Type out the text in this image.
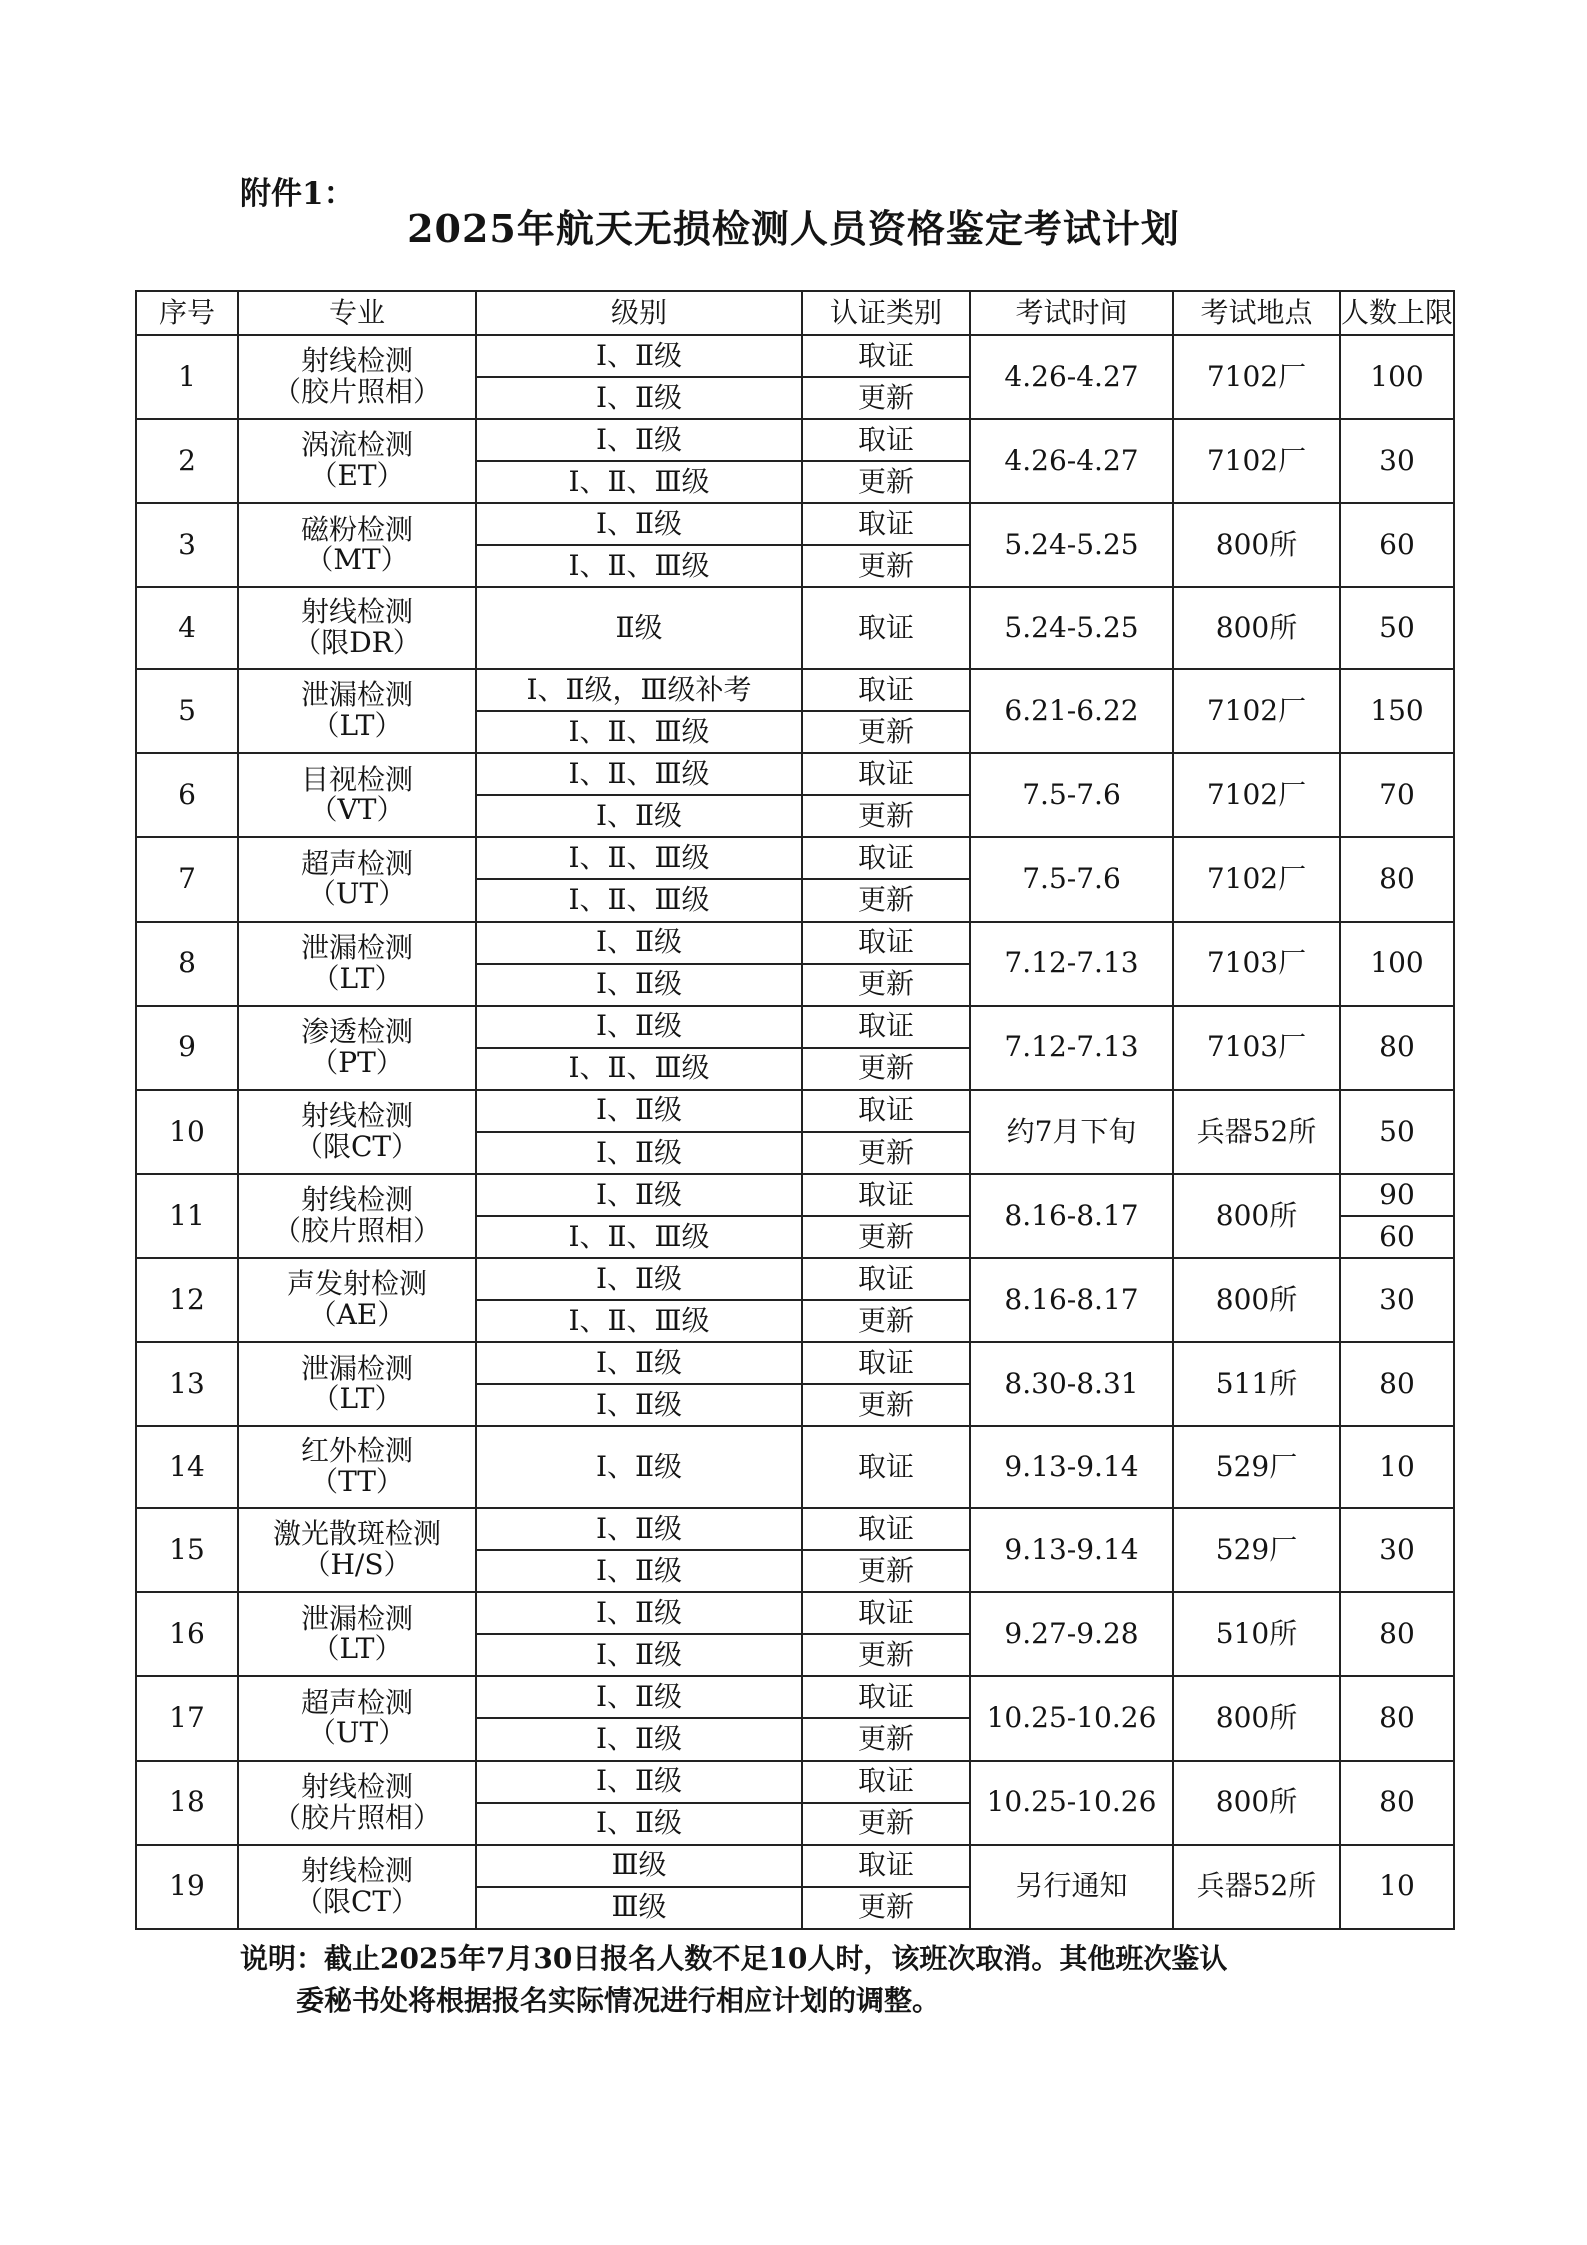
附件1：
2025年航天无损检测人员资格鉴定考试计划
序号	专业	级别	认证类别	考试时间	考试地点	人数上限
1	射线检测
（胶片照相）	Ⅰ、Ⅱ级	取证	4.26-4.27	7102厂	100
		Ⅰ、Ⅱ级	更新			
2	涡流检测
（ET）	Ⅰ、Ⅱ级	取证	4.26-4.27	7102厂	30
		Ⅰ、Ⅱ、Ⅲ级	更新			
3	磁粉检测
（MT）	Ⅰ、Ⅱ级	取证	5.24-5.25	800所	60
		Ⅰ、Ⅱ、Ⅲ级	更新			
4	射线检测
（限DR）	Ⅱ级	取证	5.24-5.25	800所	50
5	泄漏检测
（LT）	Ⅰ、Ⅱ级，Ⅲ级补考	取证	6.21-6.22	7102厂	150
		Ⅰ、Ⅱ、Ⅲ级	更新			
6	目视检测
（VT）	Ⅰ、Ⅱ、Ⅲ级	取证	7.5-7.6	7102厂	70
		Ⅰ、Ⅱ级	更新			
7	超声检测
（UT）	Ⅰ、Ⅱ、Ⅲ级	取证	7.5-7.6	7102厂	80
		Ⅰ、Ⅱ、Ⅲ级	更新			
8	泄漏检测
（LT）	Ⅰ、Ⅱ级	取证	7.12-7.13	7103厂	100
		Ⅰ、Ⅱ级	更新			
9	渗透检测
（PT）	Ⅰ、Ⅱ级	取证	7.12-7.13	7103厂	80
		Ⅰ、Ⅱ、Ⅲ级	更新			
10	射线检测
（限CT）	Ⅰ、Ⅱ级	取证	约7月下旬	兵器52所	50
		Ⅰ、Ⅱ级	更新			
11	射线检测
（胶片照相）	Ⅰ、Ⅱ级	取证	8.16-8.17	800所	90
		Ⅰ、Ⅱ、Ⅲ级	更新			60
12	声发射检测
（AE）	Ⅰ、Ⅱ级	取证	8.16-8.17	800所	30
		Ⅰ、Ⅱ、Ⅲ级	更新			
13	泄漏检测
（LT）	Ⅰ、Ⅱ级	取证	8.30-8.31	511所	80
		Ⅰ、Ⅱ级	更新			
14	红外检测
（TT）	Ⅰ、Ⅱ级	取证	9.13-9.14	529厂	10
15	激光散斑检测
（H/S）	Ⅰ、Ⅱ级	取证	9.13-9.14	529厂	30
		Ⅰ、Ⅱ级	更新			
16	泄漏检测
（LT）	Ⅰ、Ⅱ级	取证	9.27-9.28	510所	80
		Ⅰ、Ⅱ级	更新			
17	超声检测
（UT）	Ⅰ、Ⅱ级	取证	10.25-10.26	800所	80
		Ⅰ、Ⅱ级	更新			
18	射线检测
（胶片照相）	Ⅰ、Ⅱ级	取证	10.25-10.26	800所	80
		Ⅰ、Ⅱ级	更新			
19	射线检测
（限CT）	Ⅲ级	取证	另行通知	兵器52所	10
		Ⅲ级	更新			
说明：截止2025年7月30日报名人数不足10人时，该班次取消。其他班次鉴认
委秘书处将根据报名实际情况进行相应计划的调整。
